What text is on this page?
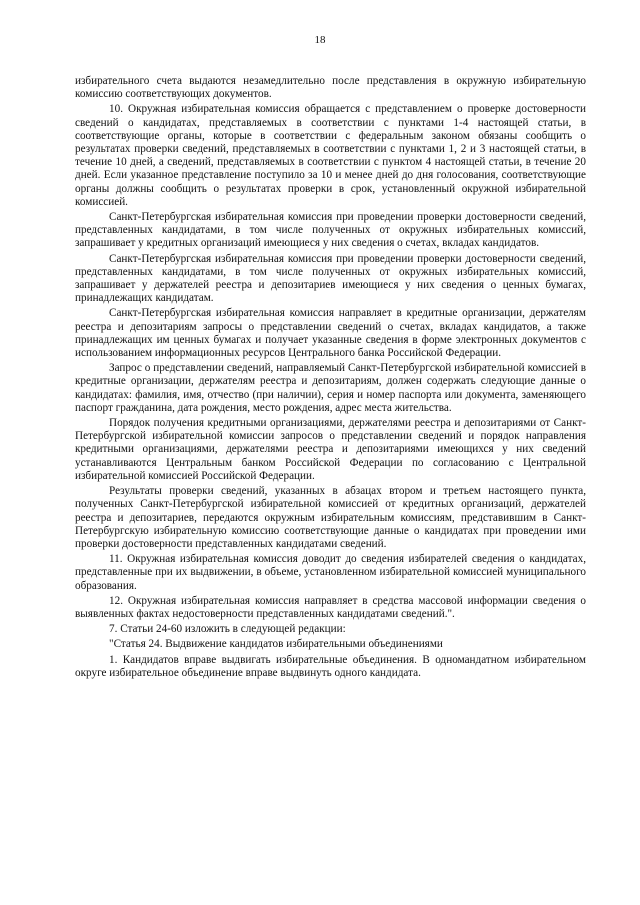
18

избирательного счета выдаются незамедлительно после представления в окружную избирательную комиссию соответствующих документов.

10. Окружная избирательная комиссия обращается с представлением о проверке достоверности сведений о кандидатах, представляемых в соответствии с пунктами 1-4 настоящей статьи, в соответствующие органы, которые в соответствии с федеральным законом обязаны сообщить о результатах проверки сведений, представляемых в соответствии с пунктами 1, 2 и 3 настоящей статьи, в течение 10 дней, а сведений, представляемых в соответствии с пунктом 4 настоящей статьи, в течение 20 дней. Если указанное представление поступило за 10 и менее дней до дня голосования, соответствующие органы должны сообщить о результатах проверки в срок, установленный окружной избирательной комиссией.

Санкт-Петербургская избирательная комиссия при проведении проверки достоверности сведений, представленных кандидатами, в том числе полученных от окружных избирательных комиссий, запрашивает у кредитных организаций имеющиеся у них сведения о счетах, вкладах кандидатов.

Санкт-Петербургская избирательная комиссия при проведении проверки достоверности сведений, представленных кандидатами, в том числе полученных от окружных избирательных комиссий, запрашивает у держателей реестра и депозитариев имеющиеся у них сведения о ценных бумагах, принадлежащих кандидатам.

Санкт-Петербургская избирательная комиссия направляет в кредитные организации, держателям реестра и депозитариям запросы о представлении сведений о счетах, вкладах кандидатов, а также принадлежащих им ценных бумагах и получает указанные сведения в форме электронных документов с использованием информационных ресурсов Центрального банка Российской Федерации.

Запрос о представлении сведений, направляемый Санкт-Петербургской избирательной комиссией в кредитные организации, держателям реестра и депозитариям, должен содержать следующие данные о кандидатах: фамилия, имя, отчество (при наличии), серия и номер паспорта или документа, заменяющего паспорт гражданина, дата рождения, место рождения, адрес места жительства.

Порядок получения кредитными организациями, держателями реестра и депозитариями от Санкт-Петербургской избирательной комиссии запросов о представлении сведений и порядок направления кредитными организациями, держателями реестра и депозитариями имеющихся у них сведений устанавливаются Центральным банком Российской Федерации по согласованию с Центральной избирательной комиссией Российской Федерации.

Результаты проверки сведений, указанных в абзацах втором и третьем настоящего пункта, полученных Санкт-Петербургской избирательной комиссией от кредитных организаций, держателей реестра и депозитариев, передаются окружным избирательным комиссиям, представившим в Санкт-Петербургскую избирательную комиссию соответствующие данные о кандидатах при проведении ими проверки достоверности представленных кандидатами сведений.

11. Окружная избирательная комиссия доводит до сведения избирателей сведения о кандидатах, представленные при их выдвижении, в объеме, установленном избирательной комиссией муниципального образования.

12. Окружная избирательная комиссия направляет в средства массовой информации сведения о выявленных фактах недостоверности представленных кандидатами сведений.".

7. Статьи 24-60 изложить в следующей редакции:

"Статья 24. Выдвижение кандидатов избирательными объединениями

1. Кандидатов вправе выдвигать избирательные объединения. В одномандатном избирательном округе избирательное объединение вправе выдвинуть одного кандидата.
